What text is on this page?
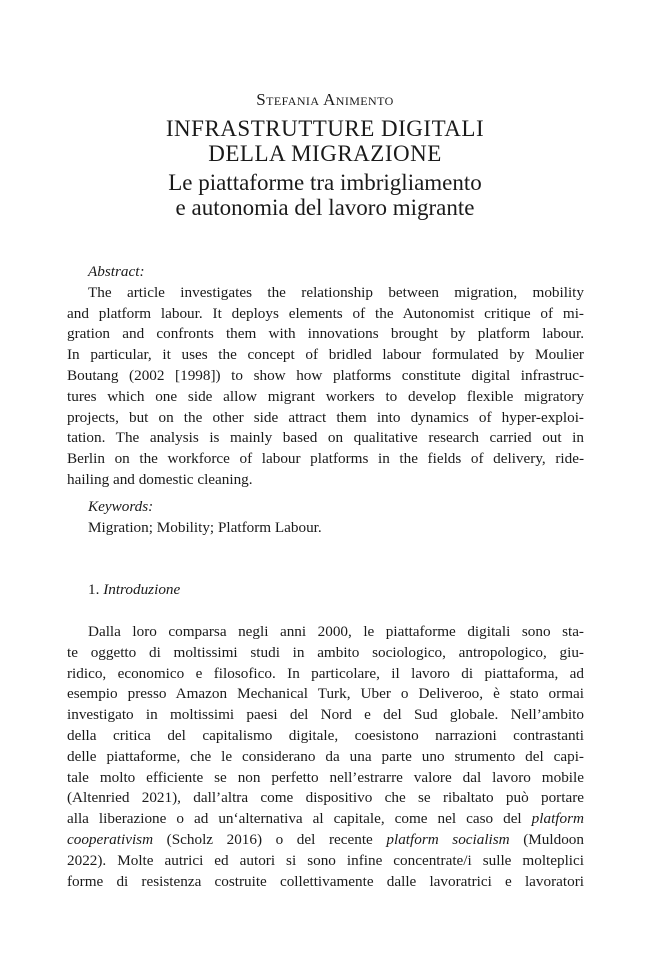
Stefania Animento
INFRASTRUTTURE DIGITALI
DELLA MIGRAZIONE
Le piattaforme tra imbrigliamento
e autonomia del lavoro migrante
Abstract:
The article investigates the relationship between migration, mobility
and platform labour. It deploys elements of the Autonomist critique of mi-
gration and confronts them with innovations brought by platform labour.
In particular, it uses the concept of bridled labour formulated by Moulier
Boutang (2002 [1998]) to show how platforms constitute digital infrastruc-
tures which one side allow migrant workers to develop flexible migratory
projects, but on the other side attract them into dynamics of hyper-exploi-
tation. The analysis is mainly based on qualitative research carried out in
Berlin on the workforce of labour platforms in the fields of delivery, ride-
hailing and domestic cleaning.
Keywords:
Migration; Mobility; Platform Labour.
1. Introduzione
Dalla loro comparsa negli anni 2000, le piattaforme digitali sono sta-
te oggetto di moltissimi studi in ambito sociologico, antropologico, giu-
ridico, economico e filosofico. In particolare, il lavoro di piattaforma, ad
esempio presso Amazon Mechanical Turk, Uber o Deliveroo, è stato ormai
investigato in moltissimi paesi del Nord e del Sud globale. Nell’ambito
della critica del capitalismo digitale, coesistono narrazioni contrastanti
delle piattaforme, che le considerano da una parte uno strumento del capi-
tale molto efficiente se non perfetto nell’estrarre valore dal lavoro mobile
(Altenried 2021), dall’altra come dispositivo che se ribaltato può portare
alla liberazione o ad un‘alternativa al capitale, come nel caso del platform
cooperativism (Scholz 2016) o del recente platform socialism (Muldoon
2022). Molte autrici ed autori si sono infine concentrate/i sulle molteplici
forme di resistenza costruite collettivamente dalle lavoratrici e lavoratori
